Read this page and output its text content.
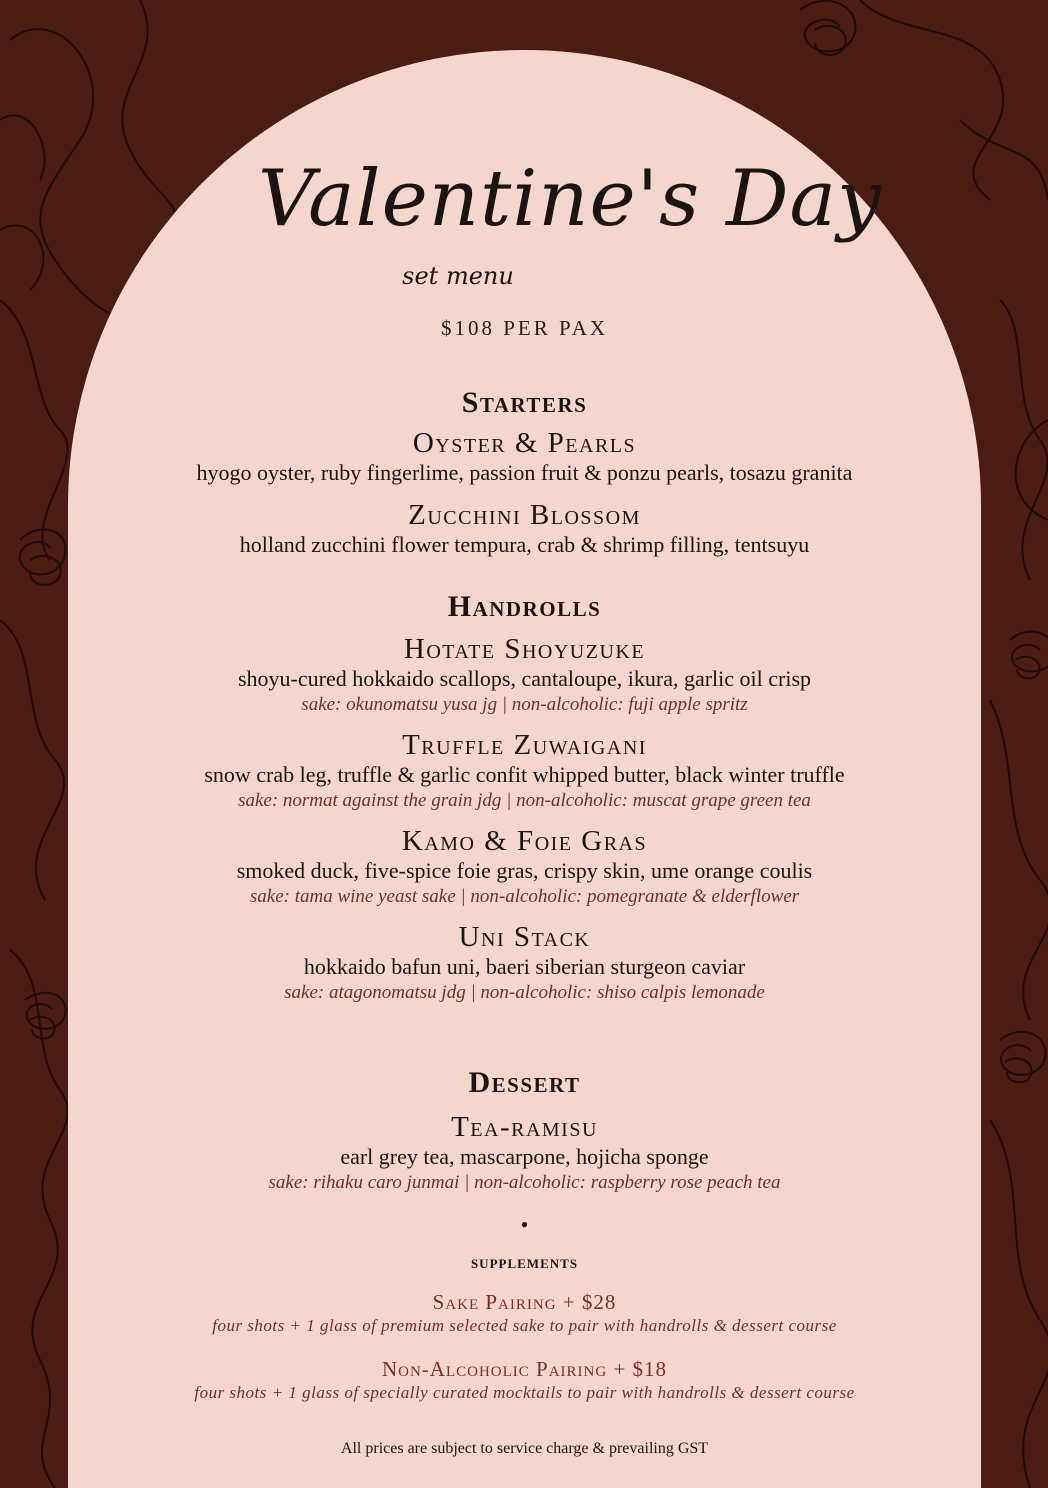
Valentine's Day
set menu
$108 PER PAX
Starters
Oyster & Pearls
hyogo oyster, ruby fingerlime, passion fruit & ponzu pearls, tosazu granita
Zucchini Blossom
holland zucchini flower tempura, crab & shrimp filling, tentsuyu
Handrolls
Hotate Shoyuzuke
shoyu-cured hokkaido scallops, cantaloupe, ikura, garlic oil crisp
sake: okunomatsu yusa jg | non-alcoholic: fuji apple spritz
Truffle Zuwaigani
snow crab leg, truffle & garlic confit whipped butter, black winter truffle
sake: normat against the grain jdg | non-alcoholic: muscat grape green tea
Kamo & Foie Gras
smoked duck, five-spice foie gras, crispy skin, ume orange coulis
sake: tama wine yeast sake | non-alcoholic: pomegranate & elderflower
Uni Stack
hokkaido bafun uni, baeri siberian sturgeon caviar
sake: atagonomatsu jdg | non-alcoholic: shiso calpis lemonade
Dessert
Tea-ramisu
earl grey tea, mascarpone, hojicha sponge
sake: rihaku caro junmai | non-alcoholic: raspberry rose peach tea
•
supplements
Sake Pairing + $28
four shots + 1 glass of premium selected sake to pair with handrolls & dessert course
Non-Alcoholic Pairing + $18
four shots + 1 glass of specially curated mocktails to pair with handrolls & dessert course
All prices are subject to service charge & prevailing GST
